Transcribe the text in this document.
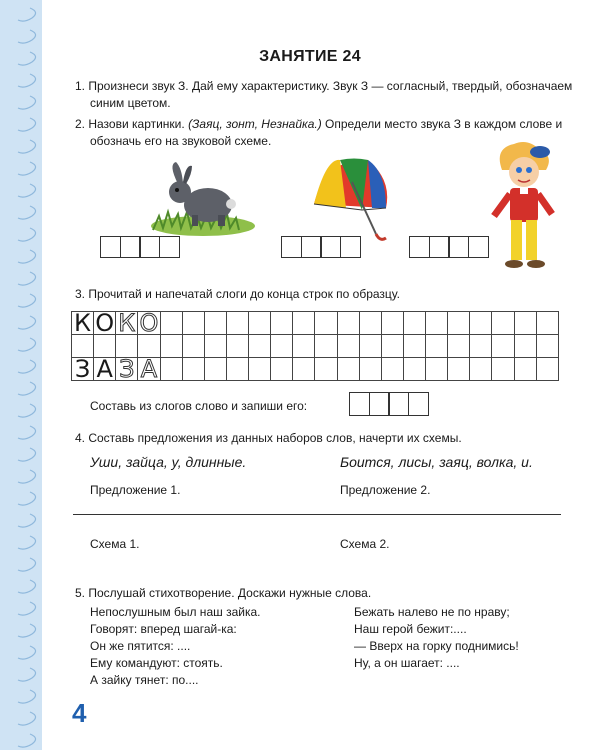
ЗАНЯТИЕ 24
1. Произнеси звук З. Дай ему характеристику. Звук З — согласный, твердый, обозначаем
синим цветом.
2. Назови картинки. (Заяц, зонт, Незнайка.) Определи место звука З в каждом слове и
обозначь его на звуковой схеме.
3. Прочитай и напечатай слоги до конца строк по образцу.
К	О	К	О																		

З	А	З	А																		
Составь из слогов слово и запиши его:
4. Составь предложения из данных наборов слов, начерти их схемы.
Уши, зайца, у, длинные.	Боится, лисы, заяц, волка, и.
Предложение 1.	Предложение 2.
Схема 1.	Схема 2.
5. Послушай стихотворение. Доскажи нужные слова.
Непослушным был наш зайка.
Говорят: вперед шагай-ка:
Он же пятится: ....
Ему командуют: стоять.
А зайку тянет: по....
Бежать налево не по нраву;
Наш герой бежит:....
— Вверх на горку поднимись!
Ну, а он шагает: ....
4
